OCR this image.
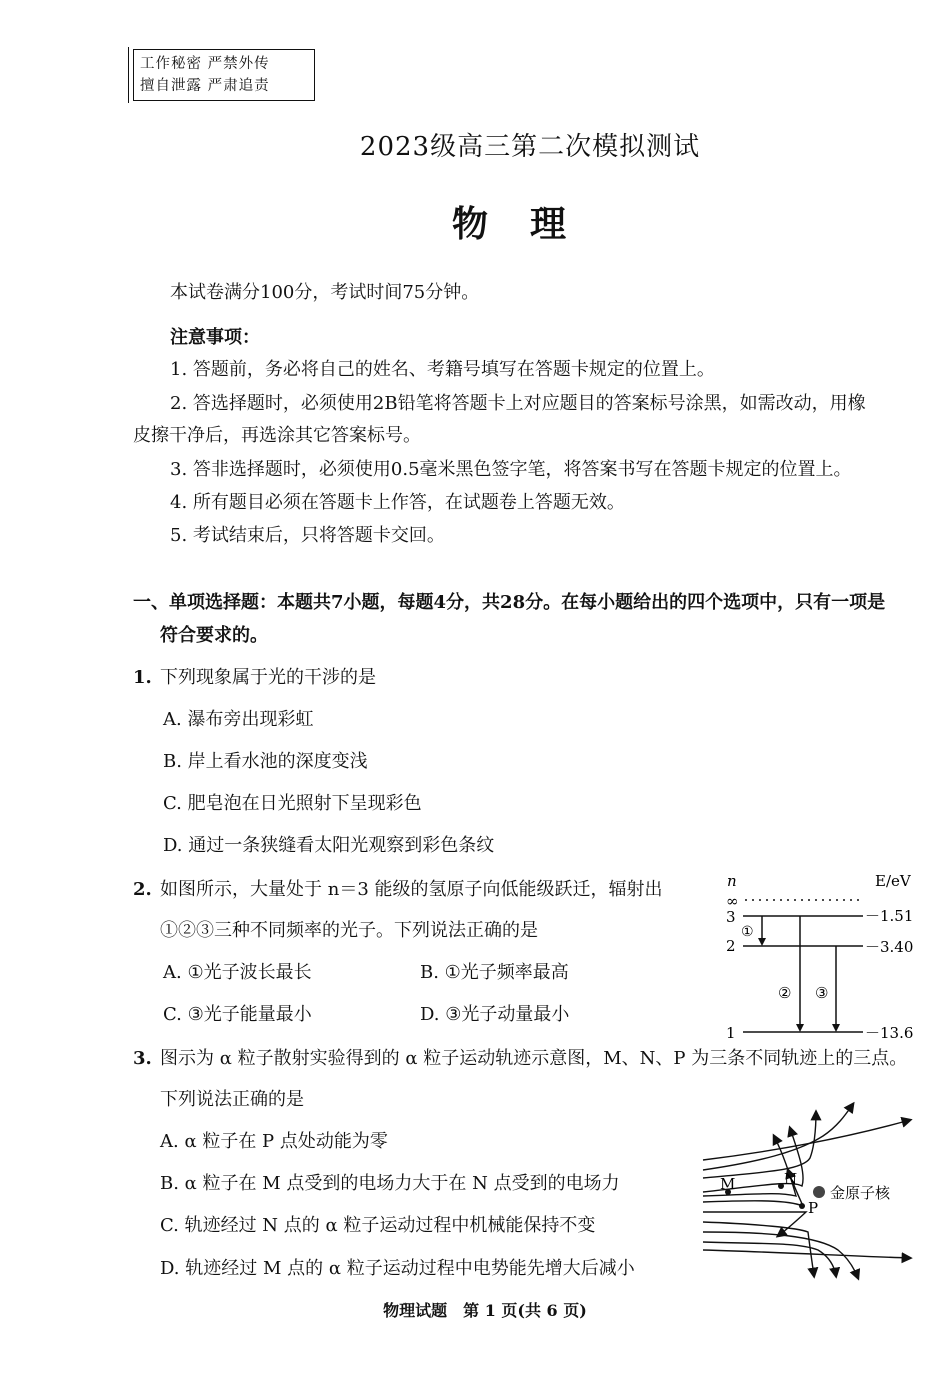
工作秘密 严禁外传
擅自泄露 严肃追责
2023级高三第二次模拟测试
物理
本试卷满分100分，考试时间75分钟。
注意事项：
1. 答题前，务必将自己的姓名、考籍号填写在答题卡规定的位置上。
2. 答选择题时，必须使用2B铅笔将答题卡上对应题目的答案标号涂黑，如需改动，用橡
皮擦干净后，再选涂其它答案标号。
3. 答非选择题时，必须使用0.5毫米黑色签字笔，将答案书写在答题卡规定的位置上。
4. 所有题目必须在答题卡上作答，在试题卷上答题无效。
5. 考试结束后，只将答题卡交回。
一、单项选择题：本题共7小题，每题4分，共28分。在每小题给出的四个选项中，只有一项是
符合要求的。
1. 下列现象属于光的干涉的是
A. 瀑布旁出现彩虹
B. 岸上看水池的深度变浅
C. 肥皂泡在日光照射下呈现彩色
D. 通过一条狭缝看太阳光观察到彩色条纹
2. 如图所示，大量处于 n＝3 能级的氢原子向低能级跃迁，辐射出
①②③三种不同频率的光子。下列说法正确的是
A. ①光子波长最长	B. ①光子频率最高
C. ③光子能量最小	D. ③光子动量最小
n	E/eV
∞
3	－1.51
2	－3.40
1	－13.6
①
② ③
3. 图示为 α 粒子散射实验得到的 α 粒子运动轨迹示意图，M、N、P 为三条不同轨迹上的三点。
下列说法正确的是
A. α 粒子在 P 点处动能为零
B. α 粒子在 M 点受到的电场力大于在 N 点受到的电场力
C. 轨迹经过 N 点的 α 粒子运动过程中机械能保持不变
D. 轨迹经过 M 点的 α 粒子运动过程中电势能先增大后减小
M	N
P
金原子核
物理试题　第 1 页(共 6 页)
